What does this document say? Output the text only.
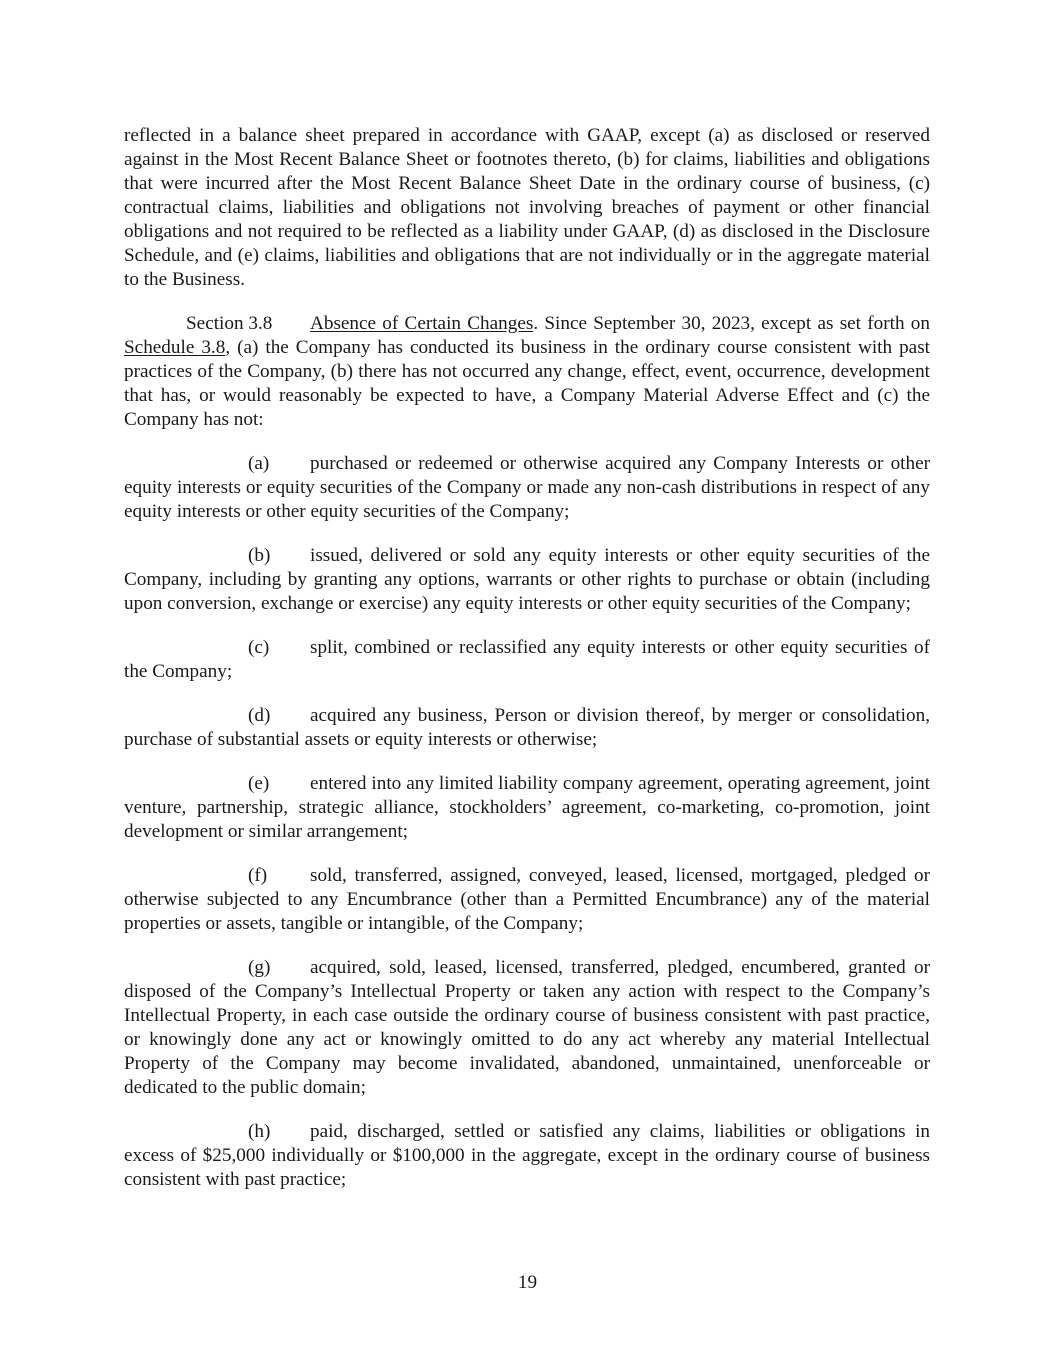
reflected in a balance sheet prepared in accordance with GAAP, except (a) as disclosed or reserved against in the Most Recent Balance Sheet or footnotes thereto, (b) for claims, liabilities and obligations that were incurred after the Most Recent Balance Sheet Date in the ordinary course of business, (c) contractual claims, liabilities and obligations not involving breaches of payment or other financial obligations and not required to be reflected as a liability under GAAP, (d) as disclosed in the Disclosure Schedule, and (e) claims, liabilities and obligations that are not individually or in the aggregate material to the Business.

Section 3.8 Absence of Certain Changes. Since September 30, 2023, except as set forth on Schedule 3.8, (a) the Company has conducted its business in the ordinary course consistent with past practices of the Company, (b) there has not occurred any change, effect, event, occurrence, development that has, or would reasonably be expected to have, a Company Material Adverse Effect and (c) the Company has not:

(a) purchased or redeemed or otherwise acquired any Company Interests or other equity interests or equity securities of the Company or made any non-cash distributions in respect of any equity interests or other equity securities of the Company;

(b) issued, delivered or sold any equity interests or other equity securities of the Company, including by granting any options, warrants or other rights to purchase or obtain (including upon conversion, exchange or exercise) any equity interests or other equity securities of the Company;

(c) split, combined or reclassified any equity interests or other equity securities of the Company;

(d) acquired any business, Person or division thereof, by merger or consolidation, purchase of substantial assets or equity interests or otherwise;

(e) entered into any limited liability company agreement, operating agreement, joint venture, partnership, strategic alliance, stockholders’ agreement, co-marketing, co-promotion, joint development or similar arrangement;

(f) sold, transferred, assigned, conveyed, leased, licensed, mortgaged, pledged or otherwise subjected to any Encumbrance (other than a Permitted Encumbrance) any of the material properties or assets, tangible or intangible, of the Company;

(g) acquired, sold, leased, licensed, transferred, pledged, encumbered, granted or disposed of the Company’s Intellectual Property or taken any action with respect to the Company’s Intellectual Property, in each case outside the ordinary course of business consistent with past practice, or knowingly done any act or knowingly omitted to do any act whereby any material Intellectual Property of the Company may become invalidated, abandoned, unmaintained, unenforceable or dedicated to the public domain;

(h) paid, discharged, settled or satisfied any claims, liabilities or obligations in excess of $25,000 individually or $100,000 in the aggregate, except in the ordinary course of business consistent with past practice;

19
